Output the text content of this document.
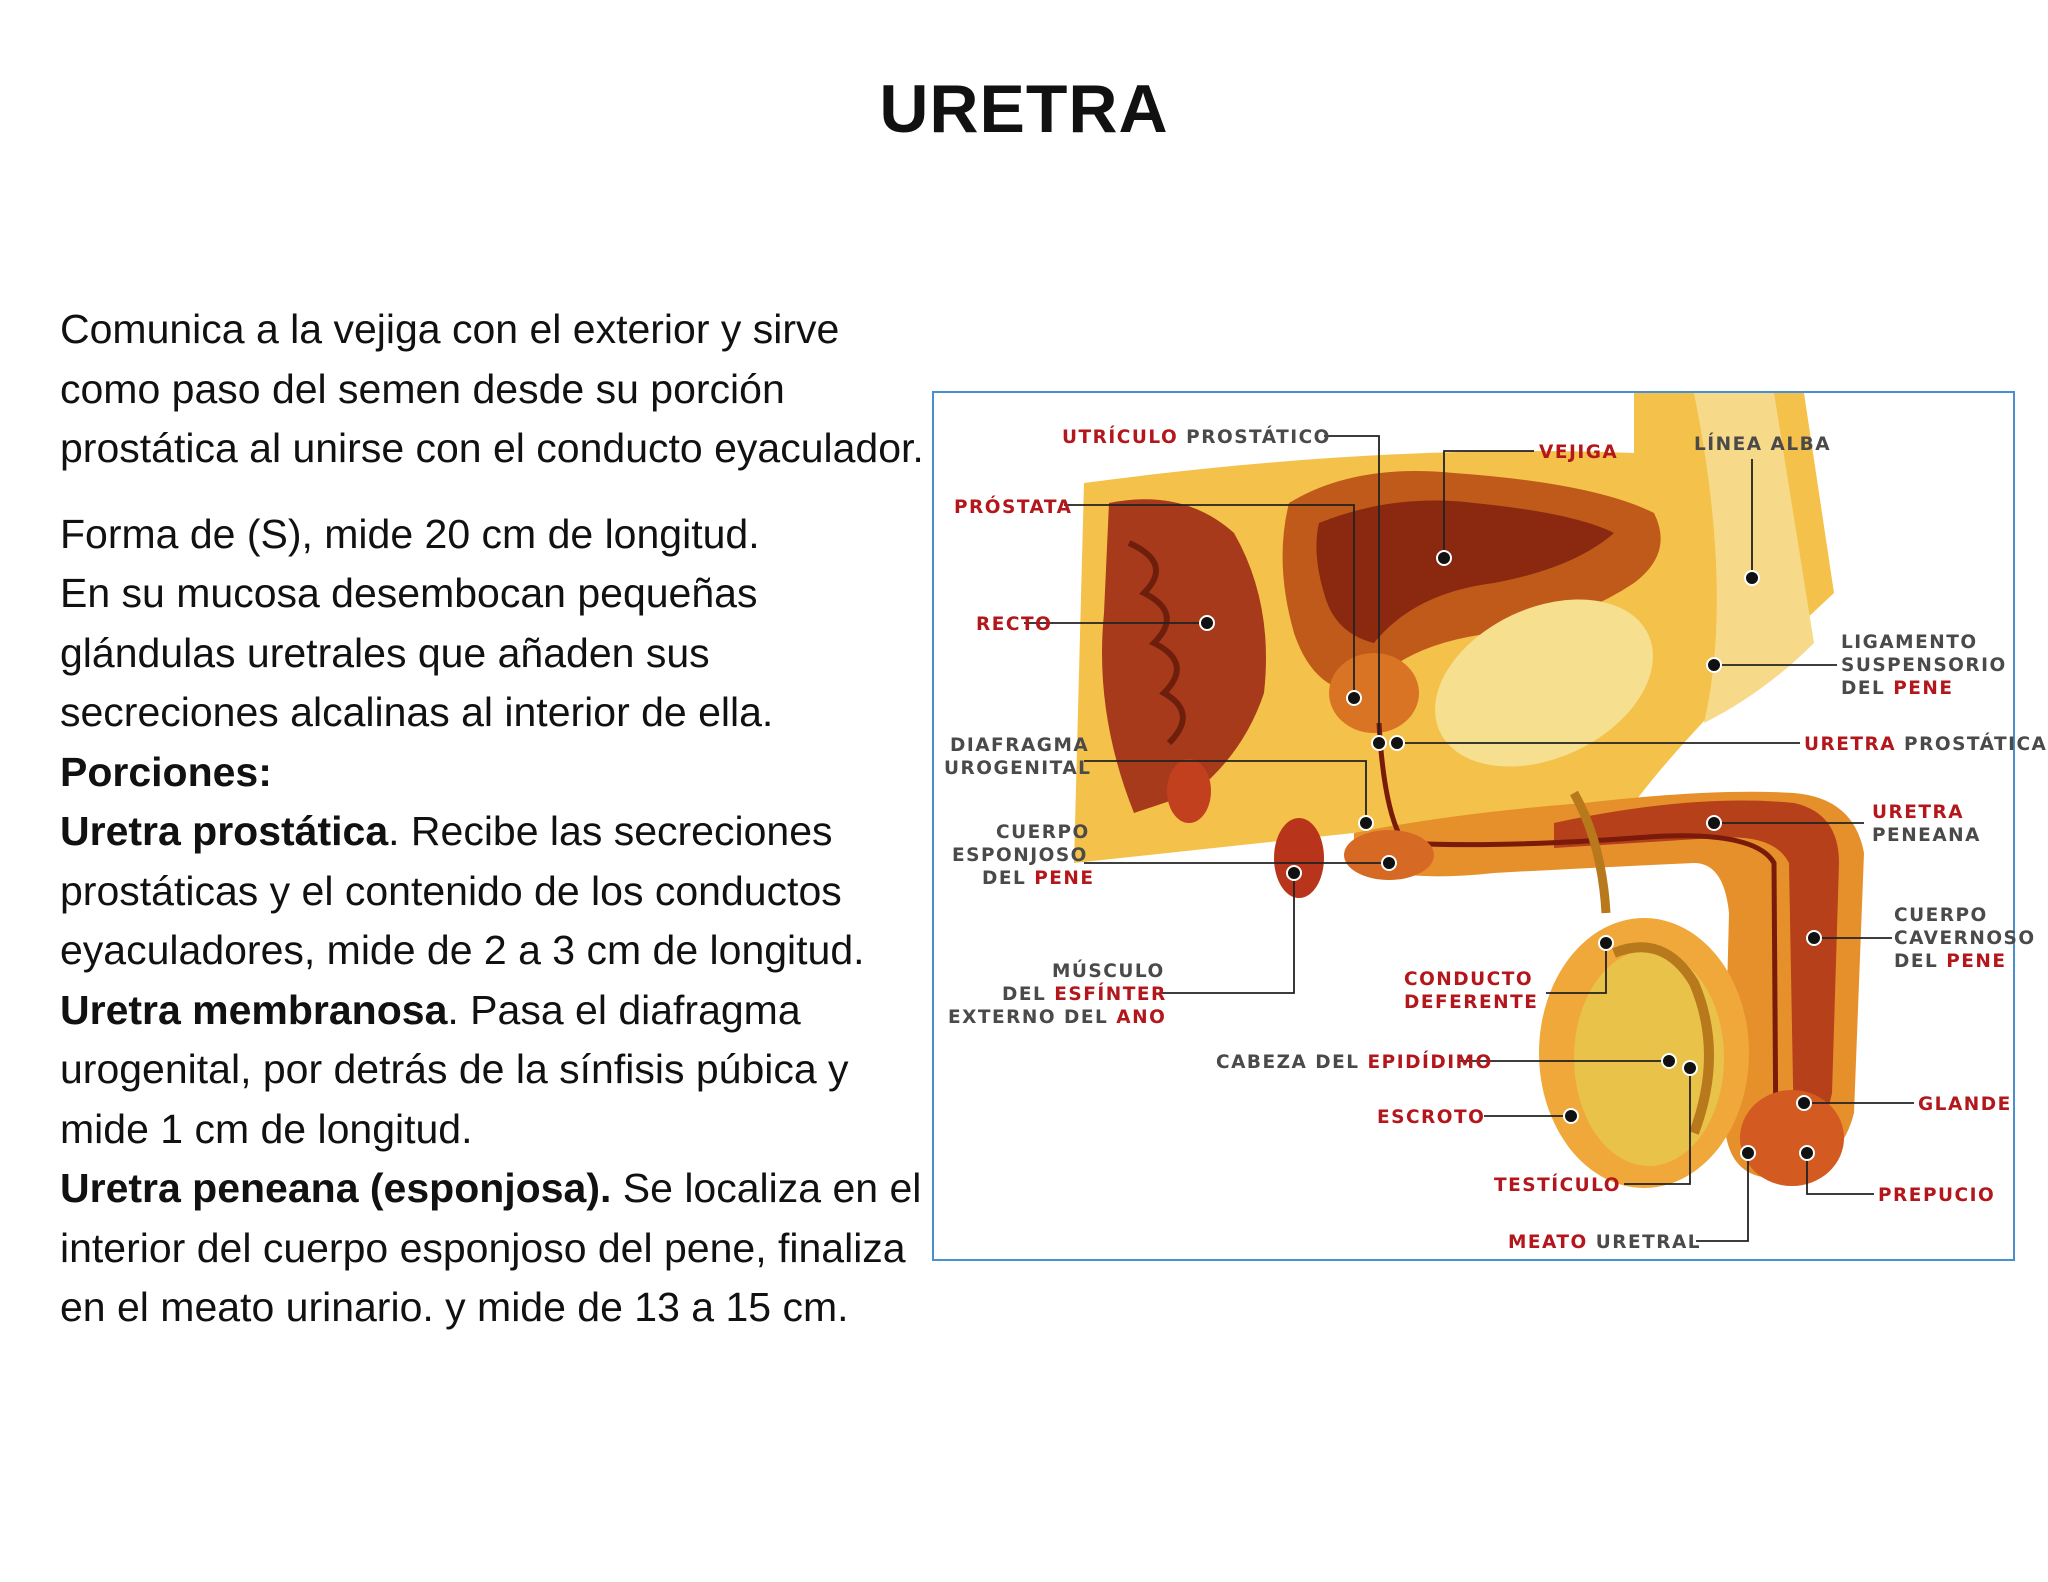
URETRA

Comunica a la vejiga con el exterior y sirve como paso del semen desde su porción prostática al unirse con el conducto eyaculador.

Forma de (S), mide 20 cm de longitud.

En su mucosa desembocan pequeñas glándulas uretrales que añaden sus secreciones alcalinas al interior de ella.

Porciones:

Uretra prostática. Recibe las secreciones prostáticas y el contenido de los conductos eyaculadores, mide de 2 a 3 cm de longitud.

Uretra membranosa. Pasa el diafragma urogenital, por detrás de la sínfisis púbica y mide 1 cm de longitud.

Uretra peneana (esponjosa). Se localiza en el interior del cuerpo esponjoso del pene, finaliza en el meato urinario. y mide de 13 a 15 cm.

UTRÍCULO PROSTÁTICO
VEJIGA	LÍNEA ALBA
PRÓSTATA
RECTO
LIGAMENTO
SUSPENSORIO
DEL PENE
URETRA PROSTÁTICA
DIAFRAGMA
UROGENITAL
URETRA
PENEANA
CUERPO
ESPONJOSO
DEL PENE
CUERPO
CAVERNOSO
DEL PENE
MÚSCULO
DEL ESFÍNTER
EXTERNO DEL ANO
CONDUCTO
DEFERENTE
CABEZA DEL EPIDÍDIMO
GLANDE
ESCROTO
TESTÍCULO	PREPUCIO
MEATO URETRAL
